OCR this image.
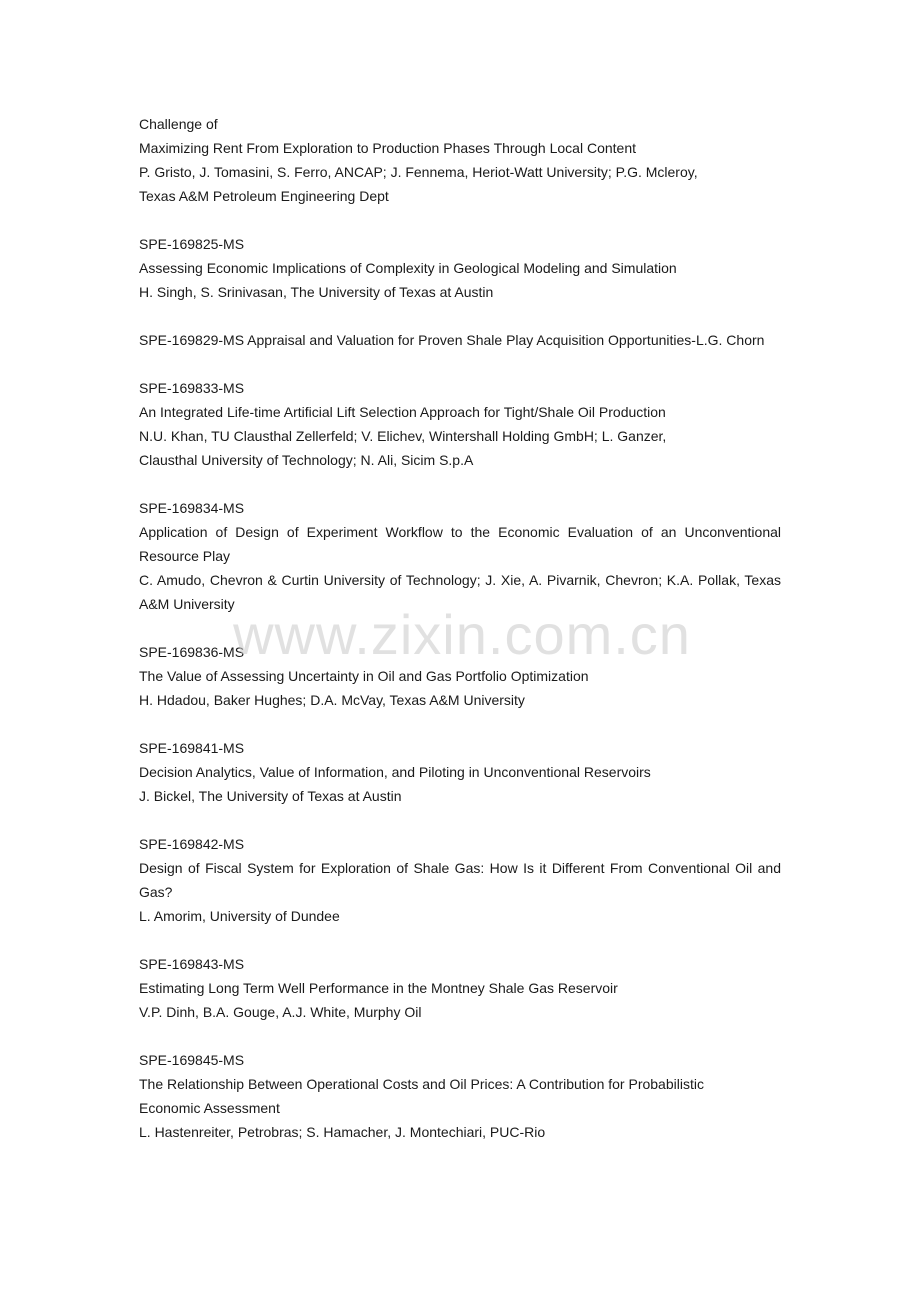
Challenge of
Maximizing Rent From Exploration to Production Phases Through Local Content
P. Gristo, J. Tomasini, S. Ferro, ANCAP; J. Fennema, Heriot-Watt University; P.G. Mcleroy,
Texas A&M Petroleum Engineering Dept
SPE-169825-MS
Assessing Economic Implications of Complexity in Geological Modeling and Simulation
H. Singh, S. Srinivasan, The University of Texas at Austin
SPE-169829-MS Appraisal and Valuation for Proven Shale Play Acquisition Opportunities-L.G. Chorn
SPE-169833-MS
An Integrated Life-time Artificial Lift Selection Approach for Tight/Shale Oil Production
N.U. Khan, TU Clausthal Zellerfeld; V. Elichev, Wintershall Holding GmbH; L. Ganzer,
Clausthal University of Technology; N. Ali, Sicim S.p.A
SPE-169834-MS
Application of Design of Experiment Workflow to the Economic Evaluation of an Unconventional Resource Play
C. Amudo, Chevron & Curtin University of Technology; J. Xie, A. Pivarnik, Chevron; K.A. Pollak, Texas A&M University
SPE-169836-MS
The Value of Assessing Uncertainty in Oil and Gas Portfolio Optimization
H. Hdadou, Baker Hughes; D.A. McVay, Texas A&M University
SPE-169841-MS
Decision Analytics, Value of Information, and Piloting in Unconventional Reservoirs
J. Bickel, The University of Texas at Austin
SPE-169842-MS
Design of Fiscal System for Exploration of Shale Gas: How Is it Different From Conventional Oil and Gas?
L. Amorim, University of Dundee
SPE-169843-MS
Estimating Long Term Well Performance in the Montney Shale Gas Reservoir
V.P. Dinh, B.A. Gouge, A.J. White, Murphy Oil
SPE-169845-MS
The Relationship Between Operational Costs and Oil Prices: A Contribution for Probabilistic
Economic Assessment
L. Hastenreiter, Petrobras; S. Hamacher, J. Montechiari, PUC-Rio
www.zixin.com.cn
